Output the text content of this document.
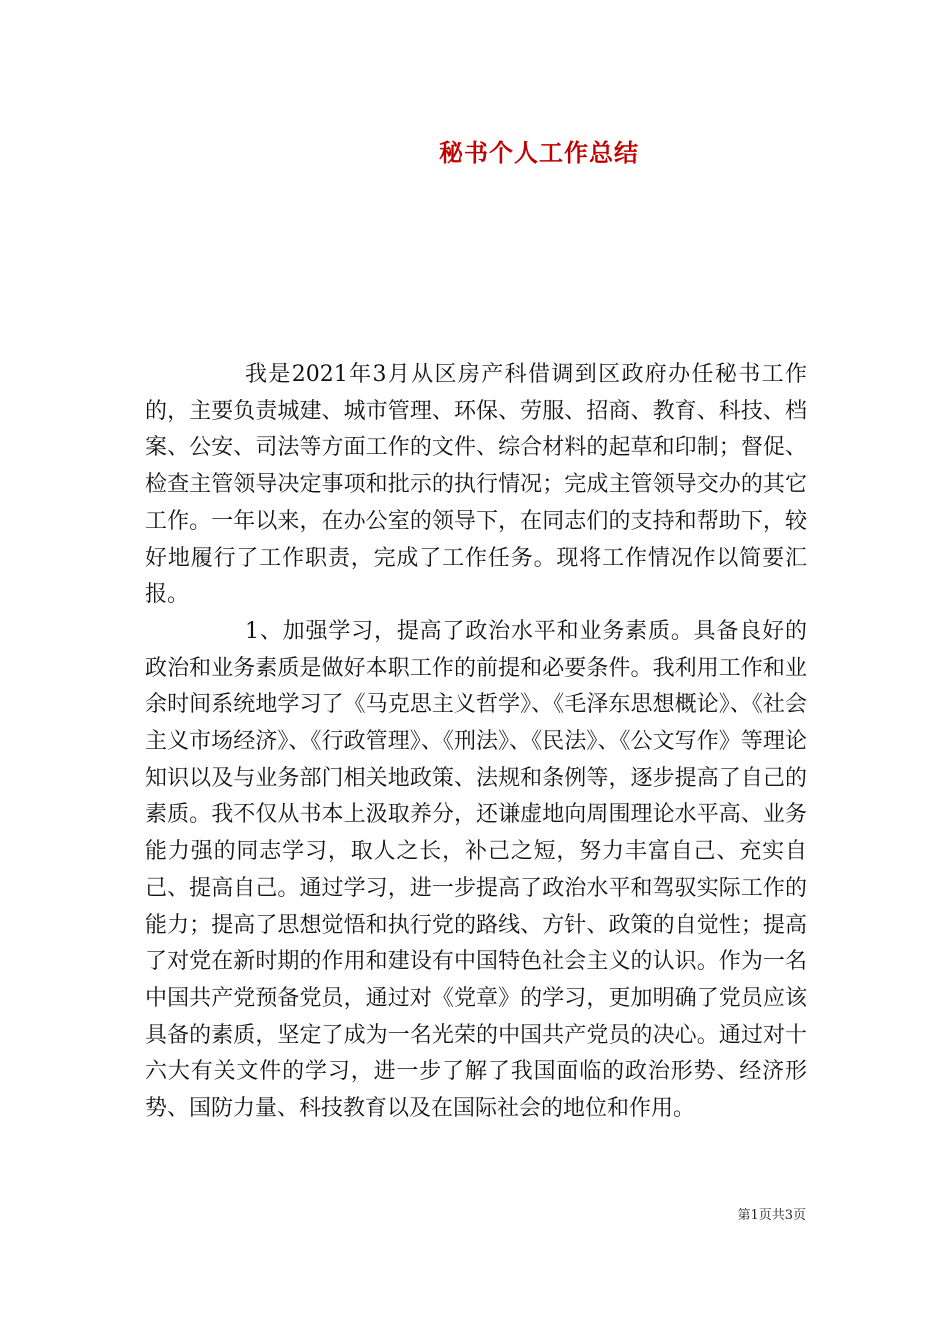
秘书个人工作总结

我是2021年3月从区房产科借调到区政府办任秘书工作的，主要负责城建、城市管理、环保、劳服、招商、教育、科技、档案、公安、司法等方面工作的文件、综合材料的起草和印制；督促、检查主管领导决定事项和批示的执行情况；完成主管领导交办的其它工作。一年以来，在办公室的领导下，在同志们的支持和帮助下，较好地履行了工作职责，完成了工作任务。现将工作情况作以简要汇报。

1、加强学习，提高了政治水平和业务素质。具备良好的政治和业务素质是做好本职工作的前提和必要条件。我利用工作和业余时间系统地学习了《马克思主义哲学》、《毛泽东思想概论》、《社会主义市场经济》、《行政管理》、《刑法》、《民法》、《公文写作》等理论知识以及与业务部门相关地政策、法规和条例等，逐步提高了自己的素质。我不仅从书本上汲取养分，还谦虚地向周围理论水平高、业务能力强的同志学习，取人之长，补己之短，努力丰富自己、充实自己、提高自己。通过学习，进一步提高了政治水平和驾驭实际工作的能力；提高了思想觉悟和执行党的路线、方针、政策的自觉性；提高了对党在新时期的作用和建设有中国特色社会主义的认识。作为一名中国共产党预备党员，通过对《党章》的学习，更加明确了党员应该具备的素质，坚定了成为一名光荣的中国共产党员的决心。通过对十六大有关文件的学习，进一步了解了我国面临的政治形势、经济形势、国防力量、科技教育以及在国际社会的地位和作用。

第1页共3页
